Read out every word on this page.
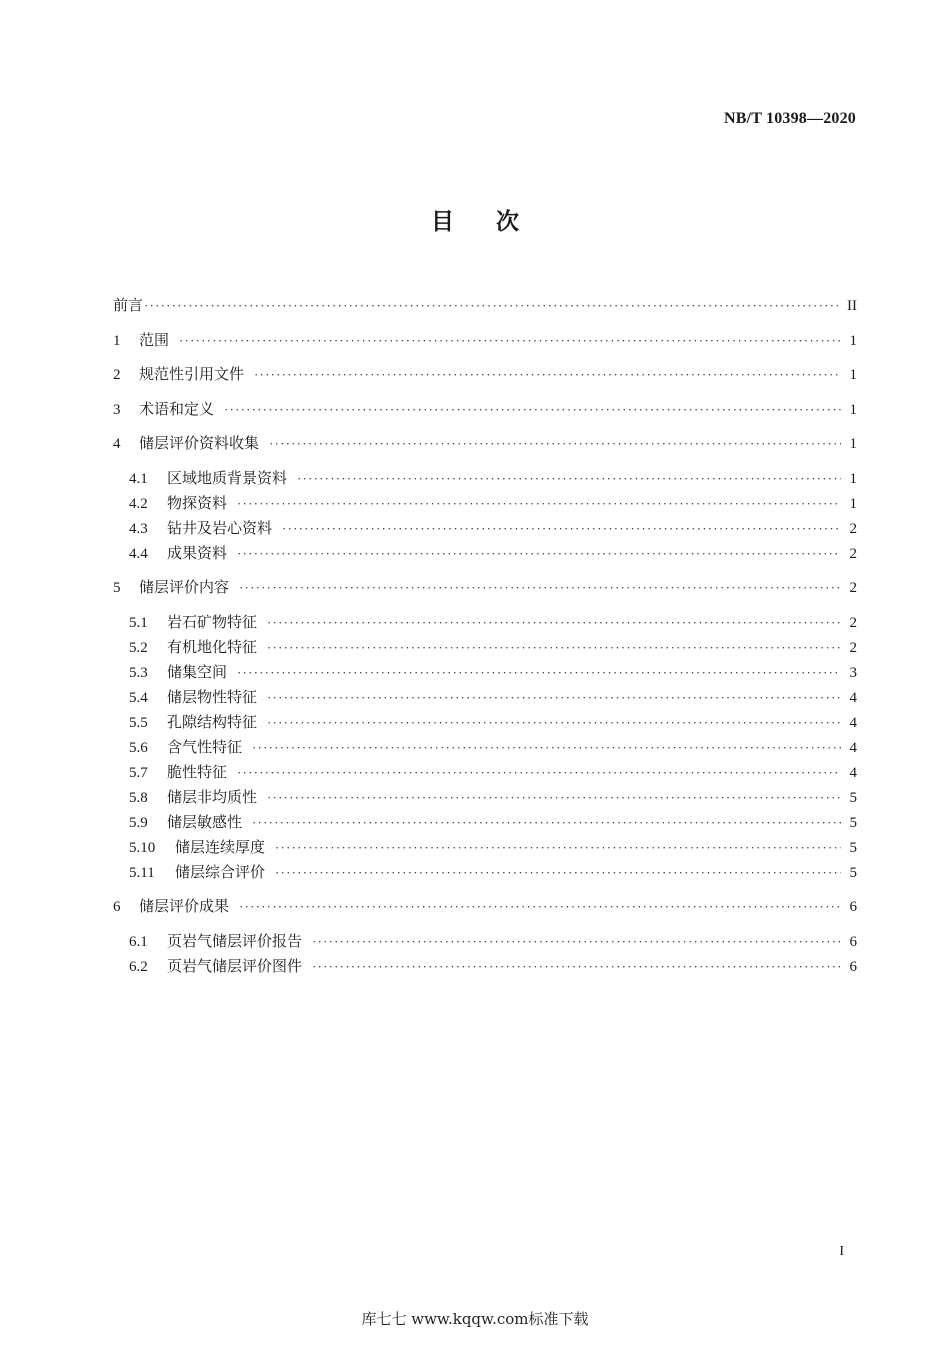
NB/T 10398—2020
目次
前言 ·····	II
1	范围 ·····	1
2	规范性引用文件 ·····	1
3	术语和定义 ·····	1
4	储层评价资料收集 ·····	1
4.1	区域地质背景资料 ·····	1
4.2	物探资料 ·····	1
4.3	钻井及岩心资料 ·····	2
4.4	成果资料 ·····	2
5	储层评价内容 ·····	2
5.1	岩石矿物特征 ·····	2
5.2	有机地化特征 ·····	2
5.3	储集空间 ·····	3
5.4	储层物性特征 ·····	4
5.5	孔隙结构特征 ·····	4
5.6	含气性特征 ·····	4
5.7	脆性特征 ·····	4
5.8	储层非均质性 ·····	5
5.9	储层敏感性 ·····	5
5.10	储层连续厚度 ·····	5
5.11	储层综合评价 ·····	5
6	储层评价成果 ·····	6
6.1	页岩气储层评价报告 ·····	6
6.2	页岩气储层评价图件 ·····	6
I
库七七 www.kqqw.com标准下载
